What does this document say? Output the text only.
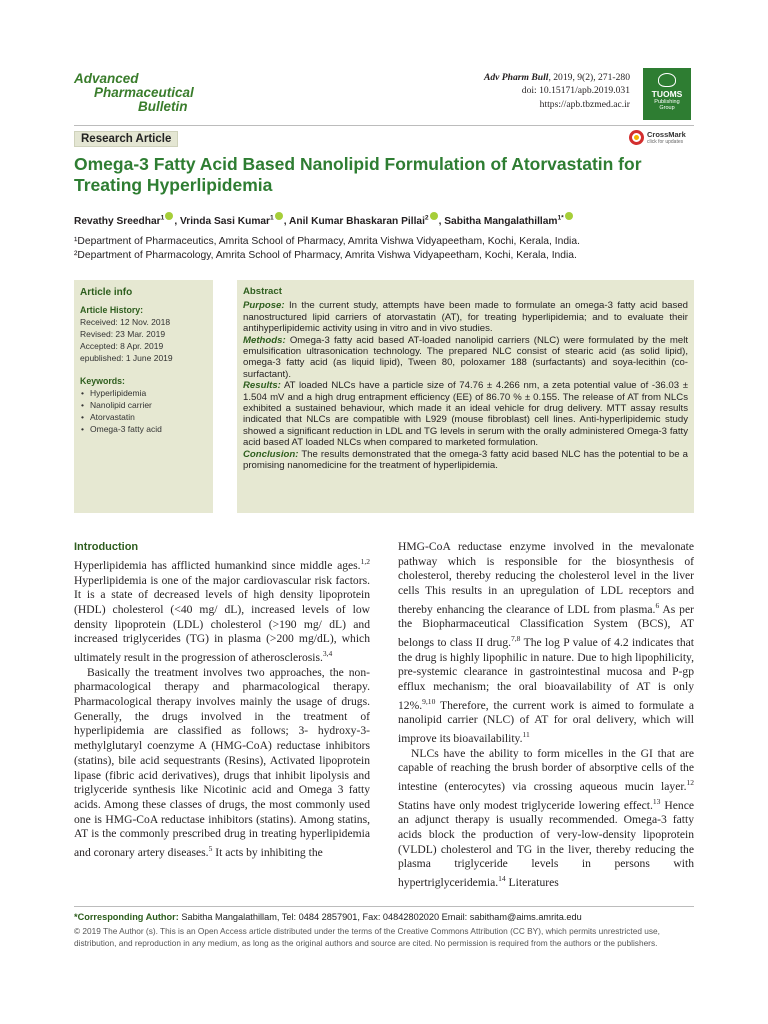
Advanced
Pharmaceutical
Bulletin
Adv Pharm Bull, 2019, 9(2), 271-280
doi: 10.15171/apb.2019.031
https://apb.tbzmed.ac.ir
TUOMS
Publishing
Group
Research Article	CrossMark
click for updates
Omega-3 Fatty Acid Based Nanolipid Formulation of Atorvastatin for Treating Hyperlipidemia
Revathy Sreedhar$^1$ , Vrinda Sasi Kumar$^1$ , Anil Kumar Bhaskaran Pillai$^2$ , Sabitha Mangalathillam$^{1*}$
¹Department of Pharmaceutics, Amrita School of Pharmacy, Amrita Vishwa Vidyapeetham, Kochi, Kerala, India.
²Department of Pharmacology, Amrita School of Pharmacy, Amrita Vishwa Vidyapeetham, Kochi, Kerala, India.
Article info
Article History:
Received: 12 Nov. 2018
Revised: 23 Mar. 2019
Accepted: 8 Apr. 2019
epublished: 1 June 2019
Keywords:
• Hyperlipidemia
• Nanolipid carrier
• Atorvastatin
• Omega-3 fatty acid
Abstract
Purpose: In the current study, attempts have been made to formulate an omega-3 fatty acid based nanostructured lipid carriers of atorvastatin (AT), for treating hyperlipidemia; and to evaluate their antihyperlipidemic activity using in vitro and in vivo studies.
Methods: Omega-3 fatty acid based AT-loaded nanolipid carriers (NLC) were formulated by the melt emulsification ultrasonication technology. The prepared NLC consist of stearic acid (as solid lipid), omega-3 fatty acid (as liquid lipid), Tween 80, poloxamer 188 (surfactants) and soya-lecithin (co-surfactant).
Results: AT loaded NLCs have a particle size of 74.76 ± 4.266 nm, a zeta potential value of -36.03 ± 1.504 mV and a high drug entrapment efficiency (EE) of 86.70 % ± 0.155. The release of AT from NLCs exhibited a sustained behaviour, which made it an ideal vehicle for drug delivery. MTT assay results indicated that NLCs are compatible with L929 (mouse fibroblast) cell lines. Anti-hyperlipidemic study showed a significant reduction in LDL and TG levels in serum with the orally administered Omega-3 fatty acid based AT loaded NLCs when compared to marketed formulation.
Conclusion: The results demonstrated that the omega-3 fatty acid based NLC has the potential to be a promising nanomedicine for the treatment of hyperlipidemia.
Introduction

Hyperlipidemia has afflicted humankind since middle ages.$^{1,2}$ Hyperlipidemia is one of the major cardiovascular risk factors. It is a state of decreased levels of high density lipoprotein (HDL) cholesterol (<40 mg/ dL), increased levels of low density lipoprotein (LDL) cholesterol (>190 mg/ dL) and increased triglycerides (TG) in plasma (>200 mg/dL), which ultimately result in the progression of atherosclerosis.$^{3,4}$

Basically the treatment involves two approaches, the non-pharmacological therapy and pharmacological therapy. Pharmacological therapy involves mainly the usage of drugs. Generally, the drugs involved in the treatment of hyperlipidemia are classified as follows; 3- hydroxy-3-methylglutaryl coenzyme A (HMG-CoA) reductase inhibitors (statins), bile acid sequestrants (Resins), Activated lipoprotein lipase (fibric acid derivatives), drugs that inhibit lipolysis and triglyceride synthesis like Nicotinic acid and Omega 3 fatty acids. Among these classes of drugs, the most commonly used one is HMG-CoA reductase inhibitors (statins). Among statins, AT is the commonly prescribed drug in treating hyperlipidemia and coronary artery diseases.$^5$ It acts by inhibiting the

HMG-CoA reductase enzyme involved in the mevalonate pathway which is responsible for the biosynthesis of cholesterol, thereby reducing the cholesterol level in the liver cells This results in an upregulation of LDL receptors and thereby enhancing the clearance of LDL from plasma.$^6$ As per the Biopharmaceutical Classification System (BCS), AT belongs to class II drug.$^{7,8}$ The log P value of 4.2 indicates that the drug is highly lipophilic in nature. Due to high lipophilicity, pre-systemic clearance in gastrointestinal mucosa and P-gp efflux mechanism; the oral bioavailability of AT is only 12%.$^{9,10}$ Therefore, the current work is aimed to formulate a nanolipid carrier (NLC) of AT for oral delivery, which will improve its bioavailability.$^{11}$

NLCs have the ability to form micelles in the GI that are capable of reaching the brush border of absorptive cells of the intestine (enterocytes) via crossing aqueous mucin layer.$^{12}$ Statins have only modest triglyceride lowering effect.$^{13}$ Hence an adjunct therapy is usually recommended. Omega-3 fatty acids block the production of very-low-density lipoprotein (VLDL) cholesterol and TG in the liver, thereby reducing the plasma triglyceride levels in persons with hypertriglyceridemia.$^{14}$ Literatures

*Corresponding Author: Sabitha Mangalathillam, Tel: 0484 2857901, Fax: 04842802020 Email: sabitham@aims.amrita.edu
© 2019 The Author (s). This is an Open Access article distributed under the terms of the Creative Commons Attribution (CC BY), which permits unrestricted use, distribution, and reproduction in any medium, as long as the original authors and source are cited. No permission is required from the authors or the publishers.
